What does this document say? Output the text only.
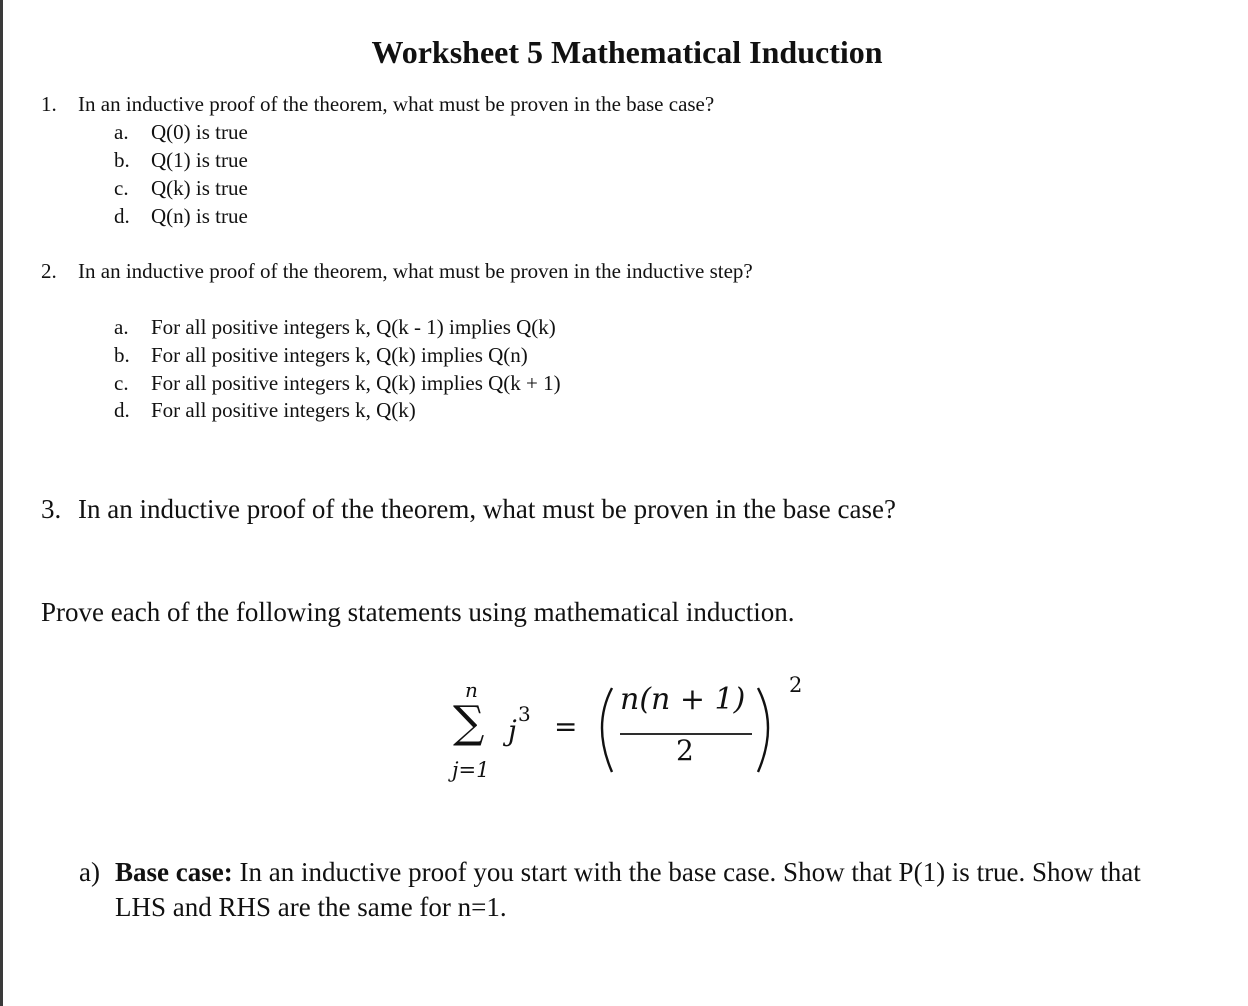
Worksheet 5 Mathematical Induction
1. In an inductive proof of the theorem, what must be proven in the base case?
a. Q(0) is true
b. Q(1) is true
c. Q(k) is true
d. Q(n) is true
2. In an inductive proof of the theorem, what must be proven in the inductive step?
a. For all positive integers k, Q(k - 1) implies Q(k)
b. For all positive integers k, Q(k) implies Q(n)
c. For all positive integers k, Q(k) implies Q(k + 1)
d. For all positive integers k, Q(k)
3. In an inductive proof of the theorem, what must be proven in the base case?
Prove each of the following statements using mathematical induction.
n
∑
j=1
j 3 =
n(n + 1)
2
2
a) Base case: In an inductive proof you start with the base case. Show that P(1) is true. Show that
LHS and RHS are the same for n=1.
